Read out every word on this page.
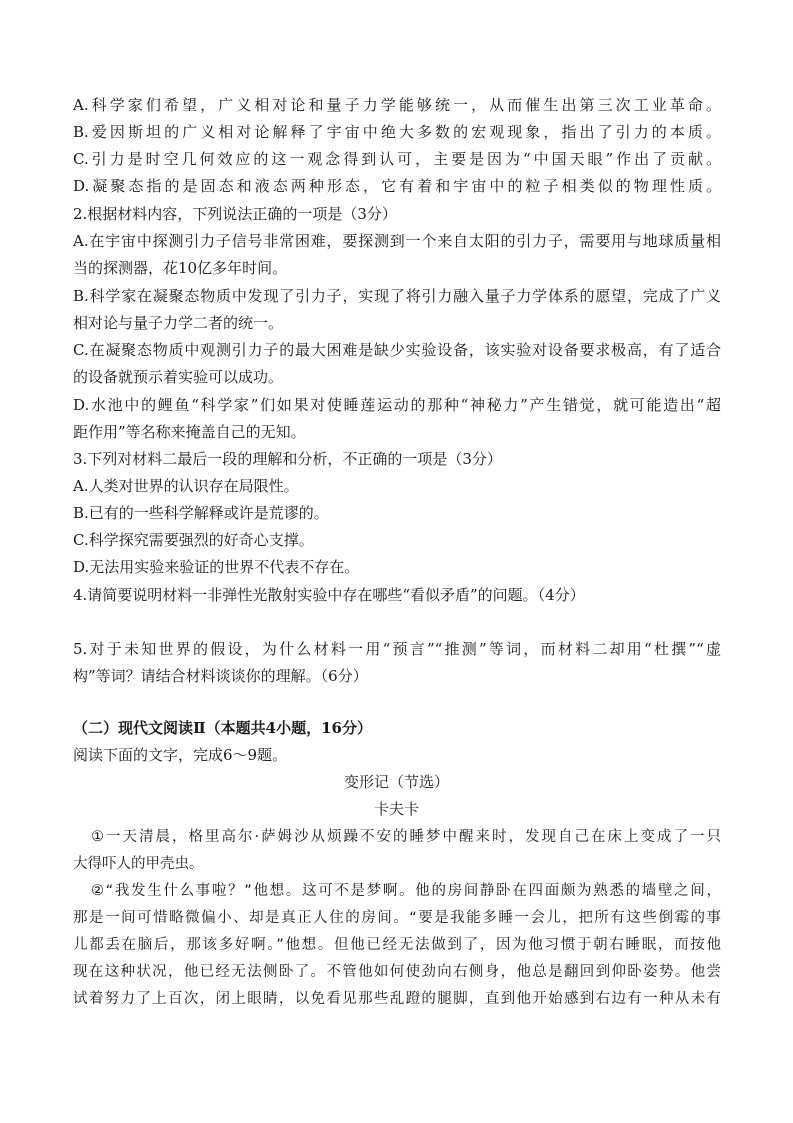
A.科学家们希望，广义相对论和量子力学能够统一，从而催生出第三次工业革命。
B.爱因斯坦的广义相对论解释了宇宙中绝大多数的宏观现象，指出了引力的本质。
C.引力是时空几何效应的这一观念得到认可，主要是因为“中国天眼”作出了贡献。
D.凝聚态指的是固态和液态两种形态，它有着和宇宙中的粒子相类似的物理性质。
2.根据材料内容，下列说法正确的一项是（3分）
A.在宇宙中探测引力子信号非常困难，要探测到一个来自太阳的引力子，需要用与地球质量相
当的探测器，花10亿多年时间。
B.科学家在凝聚态物质中发现了引力子，实现了将引力融入量子力学体系的愿望，完成了广义
相对论与量子力学二者的统一。
C.在凝聚态物质中观测引力子的最大困难是缺少实验设备，该实验对设备要求极高，有了适合
的设备就预示着实验可以成功。
D.水池中的鲤鱼“科学家”们如果对使睡莲运动的那种“神秘力”产生错觉，就可能造出“超
距作用”等名称来掩盖自己的无知。
3.下列对材料二最后一段的理解和分析，不正确的一项是（3分）
A.人类对世界的认识存在局限性。
B.已有的一些科学解释或许是荒谬的。
C.科学探究需要强烈的好奇心支撑。
D.无法用实验来验证的世界不代表不存在。
4.请简要说明材料一非弹性光散射实验中存在哪些“看似矛盾”的问题。（4分）
5.对于未知世界的假设，为什么材料一用“预言”“推测”等词，而材料二却用“杜撰”“虚
构”等词？请结合材料谈谈你的理解。（6分）
（二）现代文阅读Ⅱ（本题共4小题，16分）
阅读下面的文字，完成6～9题。
变形记（节选）
卡夫卡
①一天清晨，格里高尔·萨姆沙从烦躁不安的睡梦中醒来时，发现自己在床上变成了一只
大得吓人的甲壳虫。
②“我发生什么事啦？”他想。这可不是梦啊。他的房间静卧在四面颇为熟悉的墙壁之间，
那是一间可惜略微偏小、却是真正人住的房间。“要是我能多睡一会儿，把所有这些倒霉的事
儿都丢在脑后，那该多好啊。”他想。但他已经无法做到了，因为他习惯于朝右睡眠，而按他
现在这种状况，他已经无法侧卧了。不管他如何使劲向右侧身，他总是翻回到仰卧姿势。他尝
试着努力了上百次，闭上眼睛，以免看见那些乱蹬的腿脚，直到他开始感到右边有一种从未有
